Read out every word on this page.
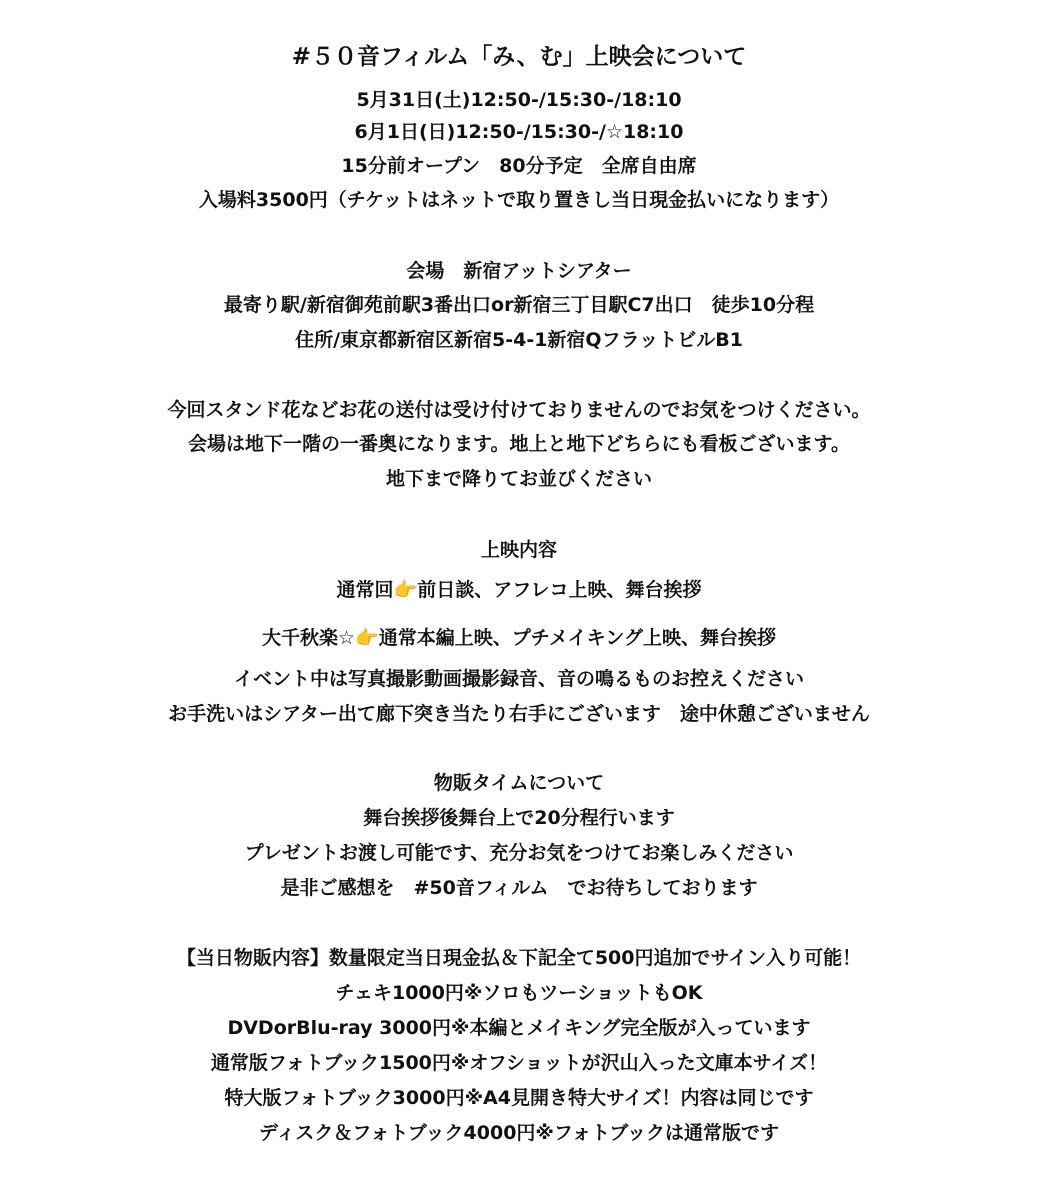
#５０音フィルム「み、む」上映会について
5月31日(土)12:50-/15:30-/18:10
6月1日(日)12:50-/15:30-/☆18:10
15分前オープン　80分予定　全席自由席
入場料3500円（チケットはネットで取り置きし当日現金払いになります）
会場　新宿アットシアター
最寄り駅/新宿御苑前駅3番出口or新宿三丁目駅C7出口　徒歩10分程
住所/東京都新宿区新宿5-4-1新宿QフラットビルB1
今回スタンド花などお花の送付は受け付けておりませんのでお気をつけください。
会場は地下一階の一番奥になります。地上と地下どちらにも看板ございます。
地下まで降りてお並びください
上映内容
通常回👉前日談、アフレコ上映、舞台挨拶
大千秋楽☆👉通常本編上映、プチメイキング上映、舞台挨拶
イベント中は写真撮影動画撮影録音、音の鳴るものお控えください
お手洗いはシアター出て廊下突き当たり右手にございます　途中休憩ございません
物販タイムについて
舞台挨拶後舞台上で20分程行います
プレゼントお渡し可能です、充分お気をつけてお楽しみください
是非ご感想を　#50音フィルム　でお待ちしております
【当日物販内容】数量限定当日現金払＆下記全て500円追加でサイン入り可能！
チェキ1000円※ソロもツーショットもOK
DVDorBlu-ray 3000円※本編とメイキング完全版が入っています
通常版フォトブック1500円※オフショットが沢山入った文庫本サイズ！
特大版フォトブック3000円※A4見開き特大サイズ！内容は同じです
ディスク＆フォトブック4000円※フォトブックは通常版です
